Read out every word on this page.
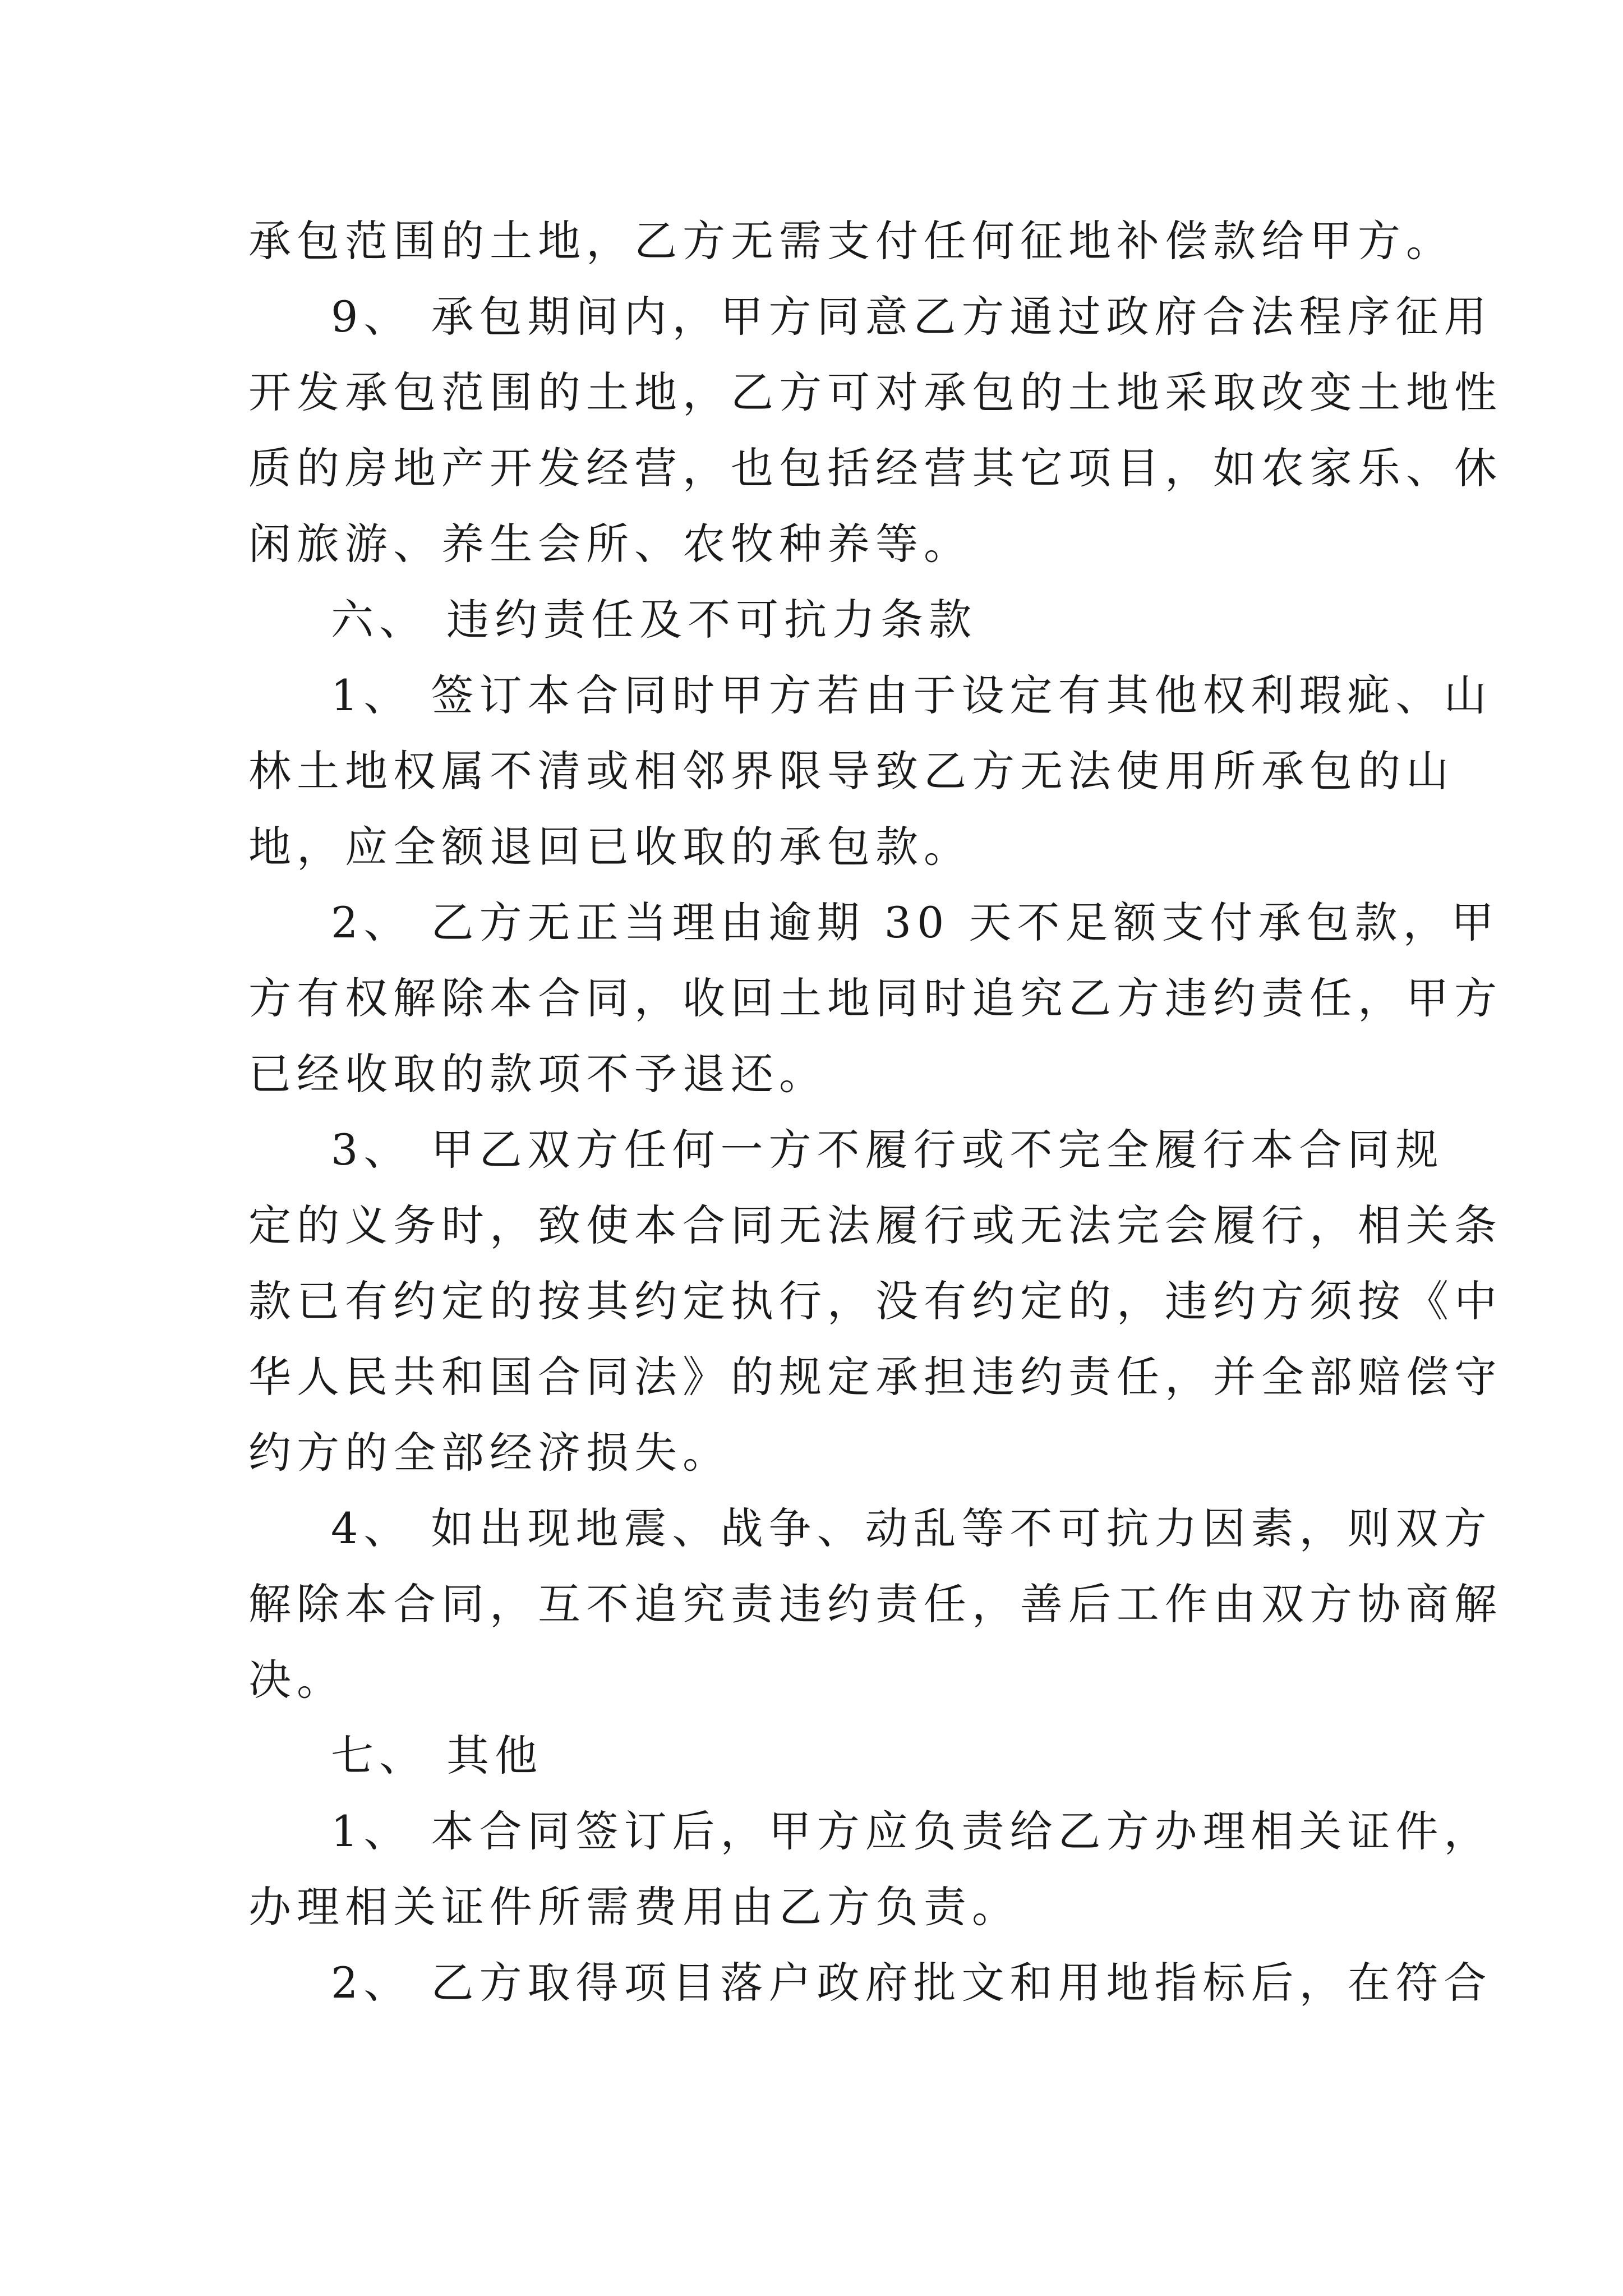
承包范围的土地，乙方无需支付任何征地补偿款给甲方。

9、 承包期间内，甲方同意乙方通过政府合法程序征用

开发承包范围的土地，乙方可对承包的土地采取改变土地性

质的房地产开发经营，也包括经营其它项目，如农家乐、休

闲旅游、养生会所、农牧种养等。

六、 违约责任及不可抗力条款

1、 签订本合同时甲方若由于设定有其他权利瑕疵、山

林土地权属不清或相邻界限导致乙方无法使用所承包的山

地，应全额退回已收取的承包款。

2、 乙方无正当理由逾期 30 天不足额支付承包款，甲

方有权解除本合同，收回土地同时追究乙方违约责任，甲方

已经收取的款项不予退还。

3、 甲乙双方任何一方不履行或不完全履行本合同规

定的义务时，致使本合同无法履行或无法完会履行，相关条

款已有约定的按其约定执行，没有约定的，违约方须按《中

华人民共和国合同法》的规定承担违约责任，并全部赔偿守

约方的全部经济损失。

4、 如出现地震、战争、动乱等不可抗力因素，则双方

解除本合同，互不追究责违约责任，善后工作由双方协商解

决。

七、 其他

1、 本合同签订后，甲方应负责给乙方办理相关证件，

办理相关证件所需费用由乙方负责。

2、 乙方取得项目落户政府批文和用地指标后，在符合
